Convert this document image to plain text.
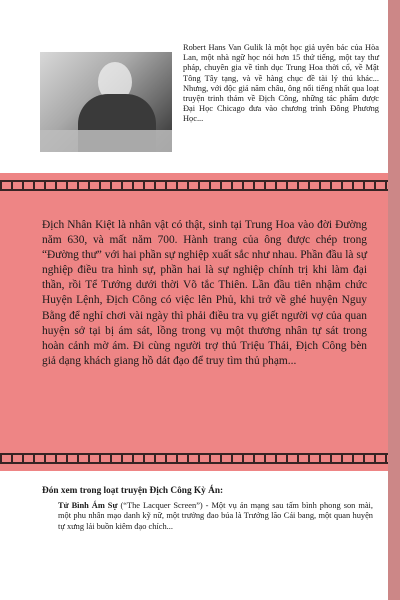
Robert Hans Van Gulik là một học giả uyên bác của Hòa Lan, một nhà ngữ học nói hơn 15 thứ tiếng, một tay thư pháp, chuyên gia về tình dục Trung Hoa thời cổ, về Mật Tông Tây tạng, và về hàng chục đề tài lý thú khác... Nhưng, với độc giả năm châu, ông nổi tiếng nhất qua loạt truyện trinh thám về Địch Công, những tác phẩm được Đại Học Chicago đưa vào chương trình Đông Phương Học...
Địch Nhân Kiệt là nhân vật có thật, sinh tại Trung Hoa vào đời Đường năm 630, và mất năm 700. Hành trang của ông được chép trong “Đường thư” với hai phần sự nghiệp xuất sắc như nhau. Phần đầu là sự nghiệp điều tra hình sự, phần hai là sự nghiệp chính trị khi làm đại thần, rồi Tể Tướng dưới thời Võ tắc Thiên. Lần đầu tiên nhậm chức Huyện Lệnh, Địch Công có việc lên Phủ, khi trở về ghé huyện Nguy Bằng để nghỉ chơi vài ngày thì phải điều tra vụ giết người vợ của quan huyện sở tại bị ám sát, lồng trong vụ một thương nhân tự sát trong hoàn cảnh mờ ám. Đi cùng người trợ thủ Triệu Thái, Địch Công bèn giả dạng khách giang hồ dát đạo để truy tìm thủ phạm...
Đón xem trong loạt truyện Địch Công Kỳ Án:
Tử Bình Ám Sự (“The Lacquer Screen”) - Một vụ án mạng sau tấm bình phong son mài, một phu nhân mạo danh kỹ nữ, một trưởng đao búa là Trưởng lão Cái bang, một quan huyện tự xưng lải buồn kiêm đạo chích...
